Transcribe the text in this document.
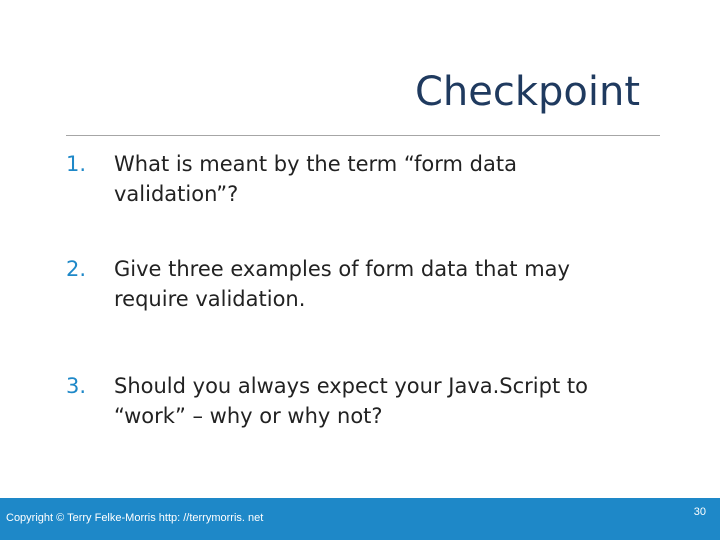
Checkpoint
1.	What is meant by the term “form data validation”?
2.	Give three examples of form data that may require validation.
3.	Should you always expect your Java.Script to “work” – why or why not?
Copyright © Terry Felke-Morris http: //terrymorris. net	30
